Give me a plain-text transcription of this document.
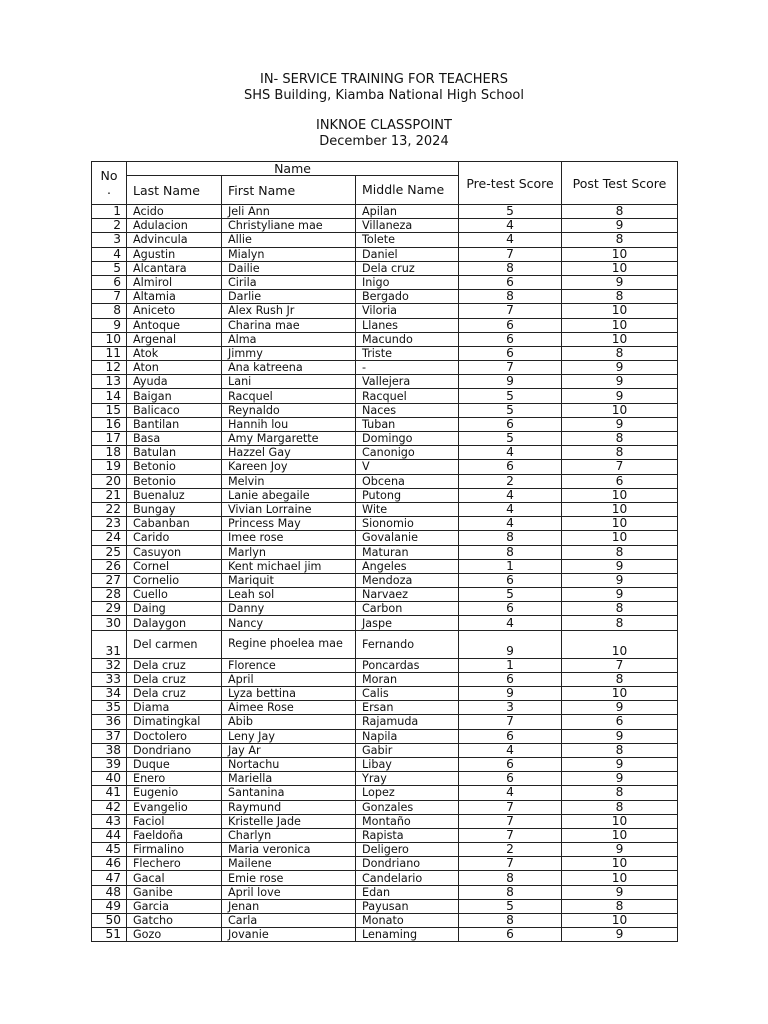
IN- SERVICE TRAINING FOR TEACHERS
SHS Building, Kiamba National High School
INKNOE CLASSPOINT
December 13, 2024
No
.	Name			Pre-test Score	Post Test Score
	Last Name	First Name	Middle Name		
1	Acido	Jeli Ann	Apilan	5	8
2	Adulacion	Christyliane mae	Villaneza	4	9
3	Advincula	Allie	Tolete	4	8
4	Agustin	Mialyn	Daniel	7	10
5	Alcantara	Dailie	Dela cruz	8	10
6	Almirol	Cirila	Inigo	6	9
7	Altamia	Darlie	Bergado	8	8
8	Aniceto	Alex Rush Jr	Viloria	7	10
9	Antoque	Charina mae	Llanes	6	10
10	Argenal	Alma	Macundo	6	10
11	Atok	Jimmy	Triste	6	8
12	Aton	Ana katreena	-	7	9
13	Ayuda	Lani	Vallejera	9	9
14	Baigan	Racquel	Racquel	5	9
15	Balicaco	Reynaldo	Naces	5	10
16	Bantilan	Hannih lou	Tuban	6	9
17	Basa	Amy Margarette	Domingo	5	8
18	Batulan	Hazzel Gay	Canonigo	4	8
19	Betonio	Kareen Joy	V	6	7
20	Betonio	Melvin	Obcena	2	6
21	Buenaluz	Lanie abegaile	Putong	4	10
22	Bungay	Vivian Lorraine	Wite	4	10
23	Cabanban	Princess May	Sionomio	4	10
24	Carido	Imee rose	Govalanie	8	10
25	Casuyon	Marlyn	Maturan	8	8
26	Cornel	Kent michael jim	Angeles	1	9
27	Cornelio	Mariquit	Mendoza	6	9
28	Cuello	Leah sol	Narvaez	5	9
29	Daing	Danny	Carbon	6	8
30	Dalaygon	Nancy	Jaspe	4	8
31	Del carmen	Regine phoelea mae	Fernando	9	10
32	Dela cruz	Florence	Poncardas	1	7
33	Dela cruz	April	Moran	6	8
34	Dela cruz	Lyza bettina	Calis	9	10
35	Diama	Aimee Rose	Ersan	3	9
36	Dimatingkal	Abib	Rajamuda	7	6
37	Doctolero	Leny Jay	Napila	6	9
38	Dondriano	Jay Ar	Gabir	4	8
39	Duque	Nortachu	Libay	6	9
40	Enero	Mariella	Yray	6	9
41	Eugenio	Santanina	Lopez	4	8
42	Evangelio	Raymund	Gonzales	7	8
43	Faciol	Kristelle Jade	Montaño	7	10
44	Faeldoña	Charlyn	Rapista	7	10
45	Firmalino	Maria veronica	Deligero	2	9
46	Flechero	Mailene	Dondriano	7	10
47	Gacal	Emie rose	Candelario	8	10
48	Ganibe	April love	Edan	8	9
49	Garcia	Jenan	Payusan	5	8
50	Gatcho	Carla	Monato	8	10
51	Gozo	Jovanie	Lenaming	6	9
